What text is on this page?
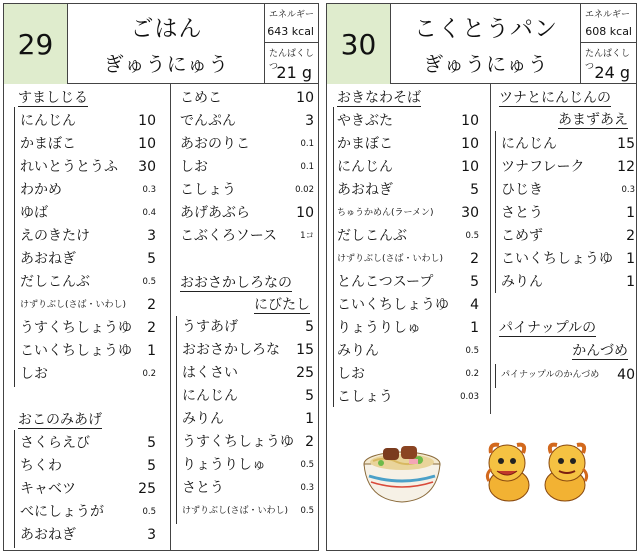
29	ごはん
ぎゅうにゅう
エネルギー
643 kcal
たんぱくしつ
21 g
すましじる
おこのみあげ
おおさかしろなの
にびたし
にんじん	10
かまぼこ	10
れいとうとうふ 30
わかめ	0.3
ゆば	0.4
えのきたけ	3
あおねぎ	5
だしこんぶ	0.5
けずりぶし(さば・いわし) 2
うすくちしょうゆ 2
こいくちしょうゆ 1
しお	0.2
さくらえび	5
ちくわ	5
キャベツ	25
べにしょうが	0.5
あおねぎ	3
こめこ	10
でんぷん	3
あおのりこ	0.1
しお	0.1
こしょう	0.02
あげあぶら	10
こぶくろソース	1コ
うすあげ	5
おおさかしろな 15
はくさい	25
にんじん	5
みりん	1
うすくちしょうゆ 2
りょうりしゅ	0.5
さとう	0.3
けずりぶし(さば・いわし) 0.5
30	こくとうパン
ぎゅうにゅう
エネルギー
608 kcal
たんぱくしつ 24 g
おきなわそば	ツナとにんじんの
あまずあえ
パイナップルの
かんづめ
やきぶた	10
かまぼこ	10
にんじん	10
あおねぎ	5
ちゅうかめん(ラーメン) 30
だしこんぶ	0.5
けずりぶし(さば・いわし) 2
とんこつスープ	5
こいくちしょうゆ 4
りょうりしゅ	1
みりん	0.5
しお	0.2
こしょう	0.03
にんじん	15
ツナフレーク 12
ひじき	0.3
さとう	1
こめず	2
こいくちしょうゆ 1
みりん	1
パイナップルのかんづめ 40
